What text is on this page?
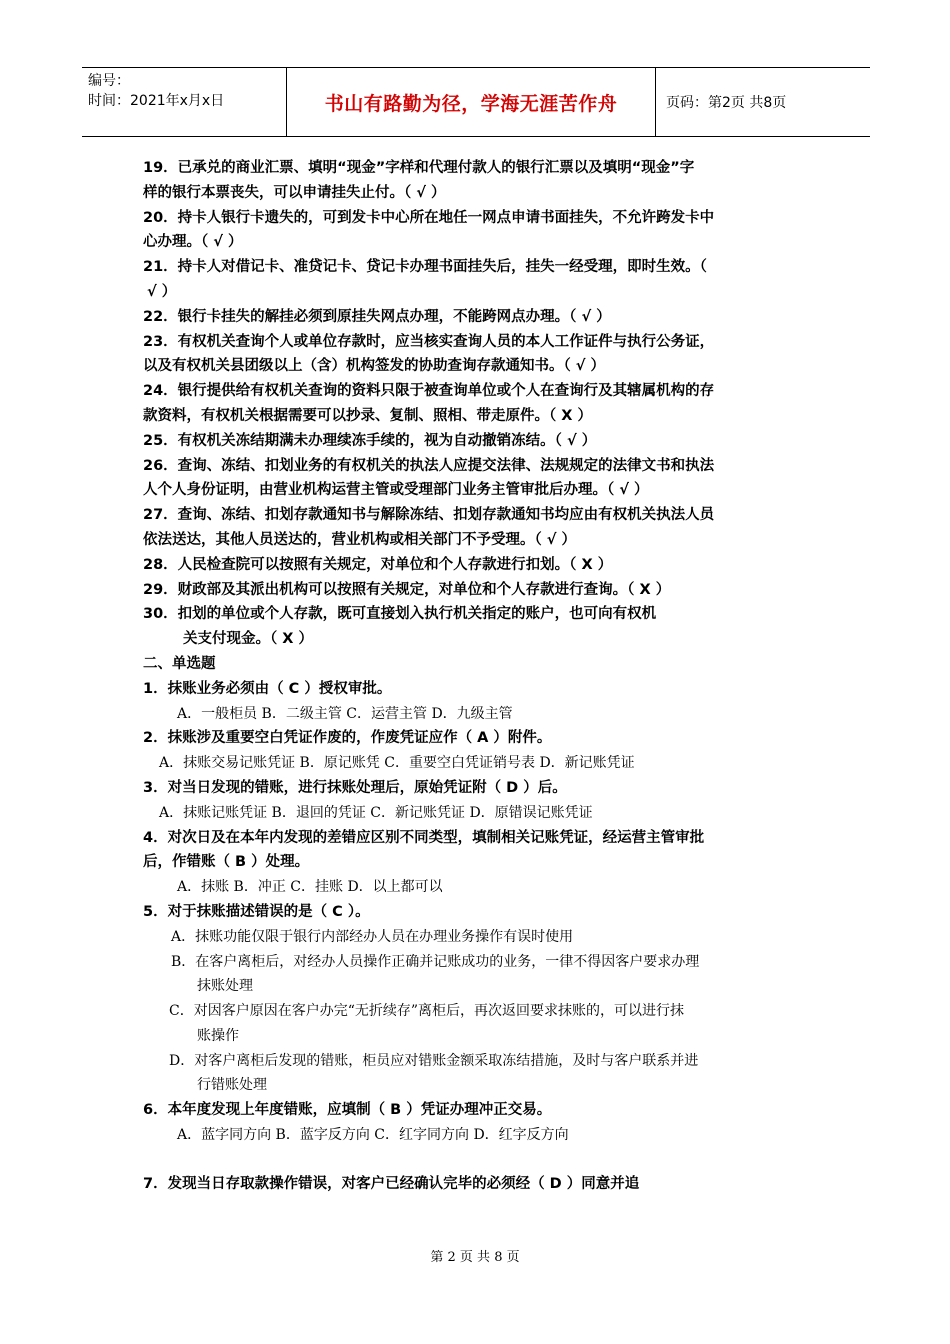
编号：
时间：2021年x月x日	书山有路勤为径，学海无涯苦作舟	页码：第2页 共8页
19．已承兑的商业汇票、填明“现金”字样和代理付款人的银行汇票以及填明“现金”字
样的银行本票丧失，可以申请挂失止付。（ √ ）
20．持卡人银行卡遗失的，可到发卡中心所在地任一网点申请书面挂失，不允许跨发卡中
心办理。（ √ ）
21．持卡人对借记卡、准贷记卡、贷记卡办理书面挂失后，挂失一经受理，即时生效。（
√ ）
22．银行卡挂失的解挂必须到原挂失网点办理，不能跨网点办理。（ √ ）
23．有权机关查询个人或单位存款时，应当核实查询人员的本人工作证件与执行公务证，
以及有权机关县团级以上（含）机构签发的协助查询存款通知书。（ √ ）
24．银行提供给有权机关查询的资料只限于被查询单位或个人在查询行及其辖属机构的存
款资料，有权机关根据需要可以抄录、复制、照相、带走原件。（ X ）
25．有权机关冻结期满未办理续冻手续的，视为自动撤销冻结。（ √ ）
26．查询、冻结、扣划业务的有权机关的执法人应提交法律、法规规定的法律文书和执法
人个人身份证明，由营业机构运营主管或受理部门业务主管审批后办理。（ √ ）
27．查询、冻结、扣划存款通知书与解除冻结、扣划存款通知书均应由有权机关执法人员
依法送达，其他人员送达的，营业机构或相关部门不予受理。（ √ ）
28．人民检查院可以按照有关规定，对单位和个人存款进行扣划。（ X ）
29．财政部及其派出机构可以按照有关规定，对单位和个人存款进行查询。（ X ）
30．扣划的单位或个人存款，既可直接划入执行机关指定的账户，也可向有权机
关支付现金。（ X ）
二、单选题
1．抹账业务必须由（ C ）授权审批。
A．一般柜员 B．二级主管 C．运营主管 D．九级主管
2．抹账涉及重要空白凭证作废的，作废凭证应作（ A ）附件。
A．抹账交易记账凭证 B．原记账凭 C．重要空白凭证销号表 D．新记账凭证
3．对当日发现的错账，进行抹账处理后，原始凭证附（ D ）后。
A．抹账记账凭证 B．退回的凭证 C．新记账凭证 D．原错误记账凭证
4．对次日及在本年内发现的差错应区别不同类型，填制相关记账凭证，经运营主管审批
后，作错账（ B ）处理。
A．抹账 B．冲正 C．挂账 D．以上都可以
5．对于抹账描述错误的是（ C ）。
A．抹账功能仅限于银行内部经办人员在办理业务操作有误时使用
B．在客户离柜后，对经办人员操作正确并记账成功的业务，一律不得因客户要求办理
抹账处理
C．对因客户原因在客户办完“无折续存”离柜后，再次返回要求抹账的，可以进行抹
账操作
D．对客户离柜后发现的错账，柜员应对错账金额采取冻结措施，及时与客户联系并进
行错账处理
6．本年度发现上年度错账，应填制（ B ）凭证办理冲正交易。
A．蓝字同方向 B．蓝字反方向 C．红字同方向 D．红字反方向
7．发现当日存取款操作错误，对客户已经确认完毕的必须经（ D ）同意并追
第 2 页 共 8 页
